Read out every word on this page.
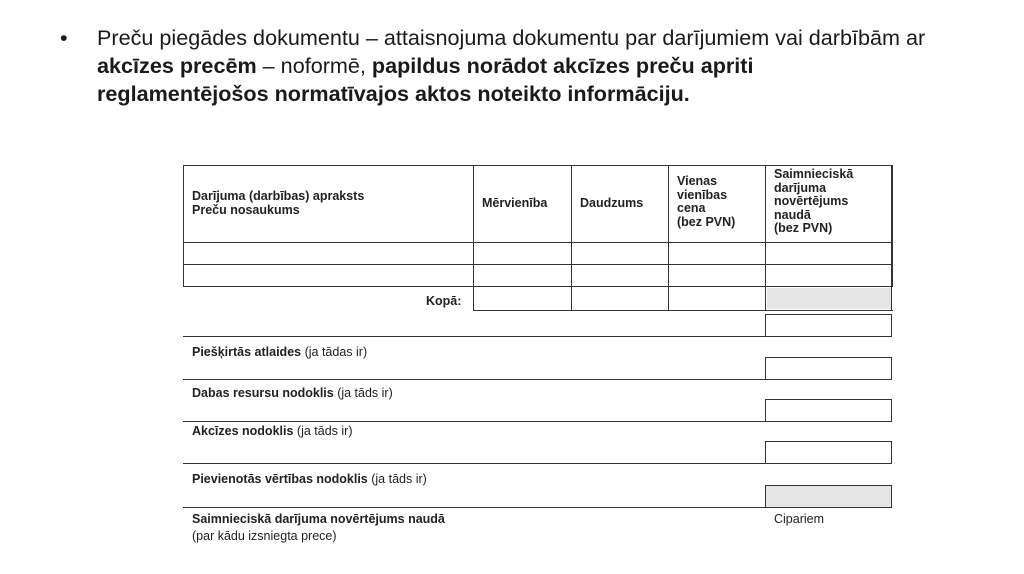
• Preču piegādes dokumentu – attaisnojuma dokumentu par darījumiem vai darbībām ar akcīzes precēm – noformē, papildus norādot akcīzes preču apriti reglamentējošos normatīvajos aktos noteikto informāciju.
Darījuma (darbības) apraksts
Preču nosaukums	Mērvienība	Daudzums
Vienas
vienības
cena
(bez PVN)
Saimnieciskā
darījuma
novērtējums
naudā
(bez PVN)
Kopā:
Piešķirtās atlaides (ja tādas ir)
Dabas resursu nodoklis (ja tāds ir)
Akcīzes nodoklis (ja tāds ir)
Pievienotās vērtības nodoklis (ja tāds ir)
Saimnieciskā darījuma novērtējums naudā
(par kādu izsniegta prece)
Cipariem
